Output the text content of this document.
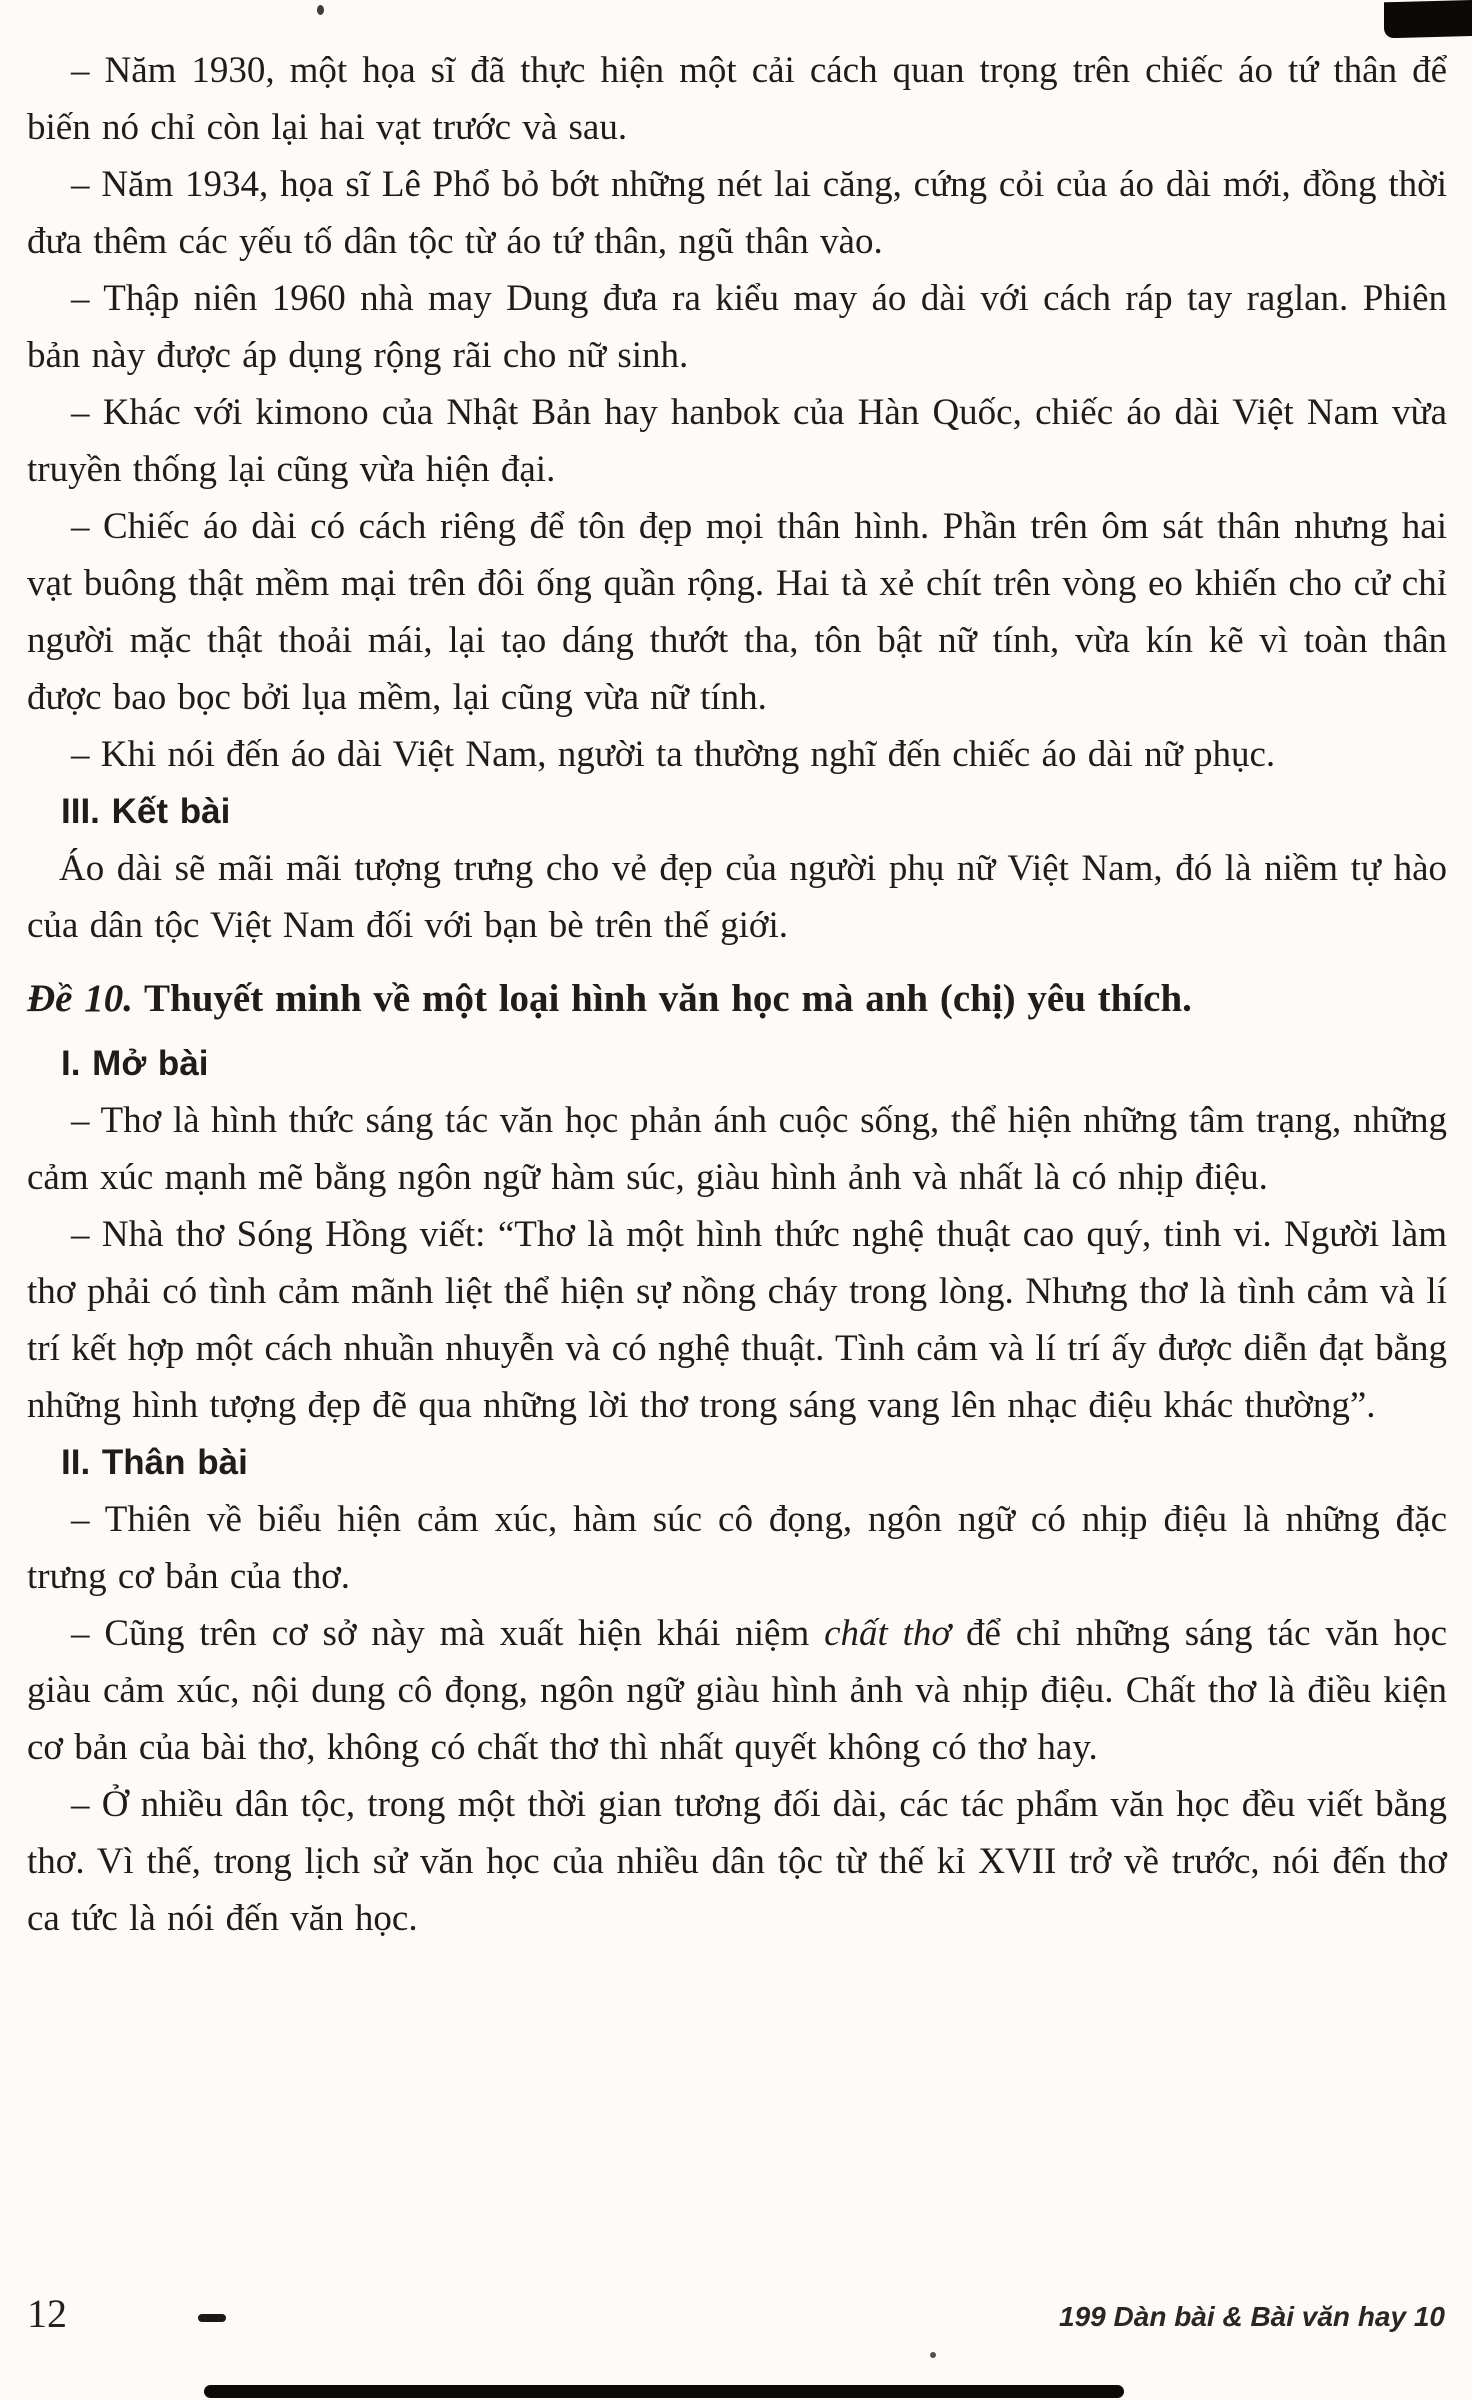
– Năm 1930, một họa sĩ đã thực hiện một cải cách quan trọng trên chiếc áo tứ thân để biến nó chỉ còn lại hai vạt trước và sau.

– Năm 1934, họa sĩ Lê Phổ bỏ bớt những nét lai căng, cứng cỏi của áo dài mới, đồng thời đưa thêm các yếu tố dân tộc từ áo tứ thân, ngũ thân vào.

– Thập niên 1960 nhà may Dung đưa ra kiểu may áo dài với cách ráp tay raglan. Phiên bản này được áp dụng rộng rãi cho nữ sinh.

– Khác với kimono của Nhật Bản hay hanbok của Hàn Quốc, chiếc áo dài Việt Nam vừa truyền thống lại cũng vừa hiện đại.

– Chiếc áo dài có cách riêng để tôn đẹp mọi thân hình. Phần trên ôm sát thân nhưng hai vạt buông thật mềm mại trên đôi ống quần rộng. Hai tà xẻ chít trên vòng eo khiến cho cử chỉ người mặc thật thoải mái, lại tạo dáng thướt tha, tôn bật nữ tính, vừa kín kẽ vì toàn thân được bao bọc bởi lụa mềm, lại cũng vừa nữ tính.

– Khi nói đến áo dài Việt Nam, người ta thường nghĩ đến chiếc áo dài nữ phục.

III. Kết bài

Áo dài sẽ mãi mãi tượng trưng cho vẻ đẹp của người phụ nữ Việt Nam, đó là niềm tự hào của dân tộc Việt Nam đối với bạn bè trên thế giới.

Đề 10. Thuyết minh về một loại hình văn học mà anh (chị) yêu thích.

I. Mở bài

– Thơ là hình thức sáng tác văn học phản ánh cuộc sống, thể hiện những tâm trạng, những cảm xúc mạnh mẽ bằng ngôn ngữ hàm súc, giàu hình ảnh và nhất là có nhịp điệu.

– Nhà thơ Sóng Hồng viết: “Thơ là một hình thức nghệ thuật cao quý, tinh vi. Người làm thơ phải có tình cảm mãnh liệt thể hiện sự nồng cháy trong lòng. Nhưng thơ là tình cảm và lí trí kết hợp một cách nhuần nhuyễn và có nghệ thuật. Tình cảm và lí trí ấy được diễn đạt bằng những hình tượng đẹp đẽ qua những lời thơ trong sáng vang lên nhạc điệu khác thường”.

II. Thân bài

– Thiên về biểu hiện cảm xúc, hàm súc cô đọng, ngôn ngữ có nhịp điệu là những đặc trưng cơ bản của thơ.

– Cũng trên cơ sở này mà xuất hiện khái niệm chất thơ để chỉ những sáng tác văn học giàu cảm xúc, nội dung cô đọng, ngôn ngữ giàu hình ảnh và nhịp điệu. Chất thơ là điều kiện cơ bản của bài thơ, không có chất thơ thì nhất quyết không có thơ hay.

– Ở nhiều dân tộc, trong một thời gian tương đối dài, các tác phẩm văn học đều viết bằng thơ. Vì thế, trong lịch sử văn học của nhiều dân tộc từ thế kỉ XVII trở về trước, nói đến thơ ca tức là nói đến văn học.

12	199 Dàn bài & Bài văn hay 10
